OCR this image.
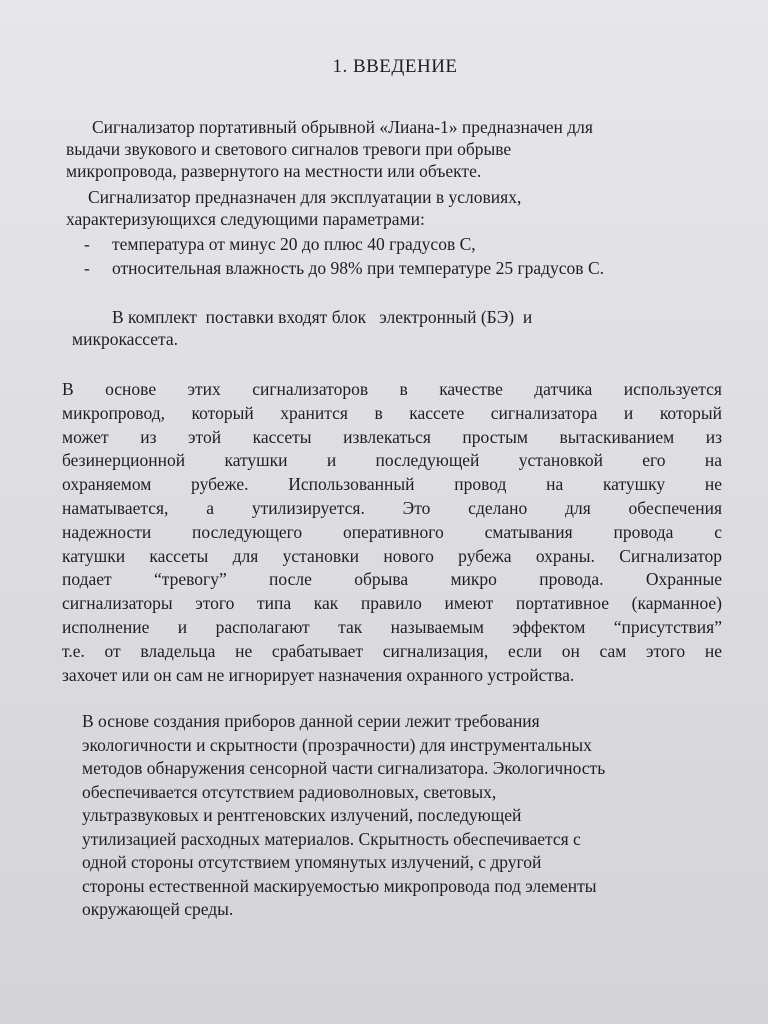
1. ВВЕДЕНИЕ
Сигнализатор портативный обрывной «Лиана-1» предназначен для
выдачи звукового и светового сигналов тревоги при обрыве
микропровода, развернутого на местности или объекте.
Сигнализатор предназначен для эксплуатации в условиях,
характеризующихся следующими параметрами:
-	температура от минус 20 до плюс 40 градусов С,
-	относительная влажность до 98% при температуре 25 градусов С.
В комплект  поставки входят блок   электронный (БЭ)  и
микрокассета.
В основе этих сигнализаторов в качестве датчика используется
микропровод, который хранится в кассете сигнализатора и который
может из этой кассеты извлекаться простым вытаскиванием из
безинерционной катушки и последующей установкой его на
охраняемом рубеже. Использованный провод на катушку не
наматывается, а утилизируется. Это сделано для обеспечения
надежности последующего оперативного сматывания провода с
катушки кассеты для установки нового рубежа охраны. Сигнализатор
подает “тревогу” после обрыва микро провода. Охранные
сигнализаторы этого типа как правило имеют портативное (карманное)
исполнение и располагают так называемым эффектом “присутствия”
т.е. от владельца не срабатывает сигнализация, если он сам этого не
захочет или он сам не игнорирует назначения охранного устройства.
В основе создания приборов данной серии лежит требования
экологичности и скрытности (прозрачности) для инструментальных
методов обнаружения сенсорной части сигнализатора. Экологичность
обеспечивается отсутствием радиоволновых, световых,
ультразвуковых и рентгеновских излучений, последующей
утилизацией расходных материалов. Скрытность обеспечивается с
одной стороны отсутствием упомянутых излучений, с другой
стороны естественной маскируемостью микропровода под элементы
окружающей среды.
